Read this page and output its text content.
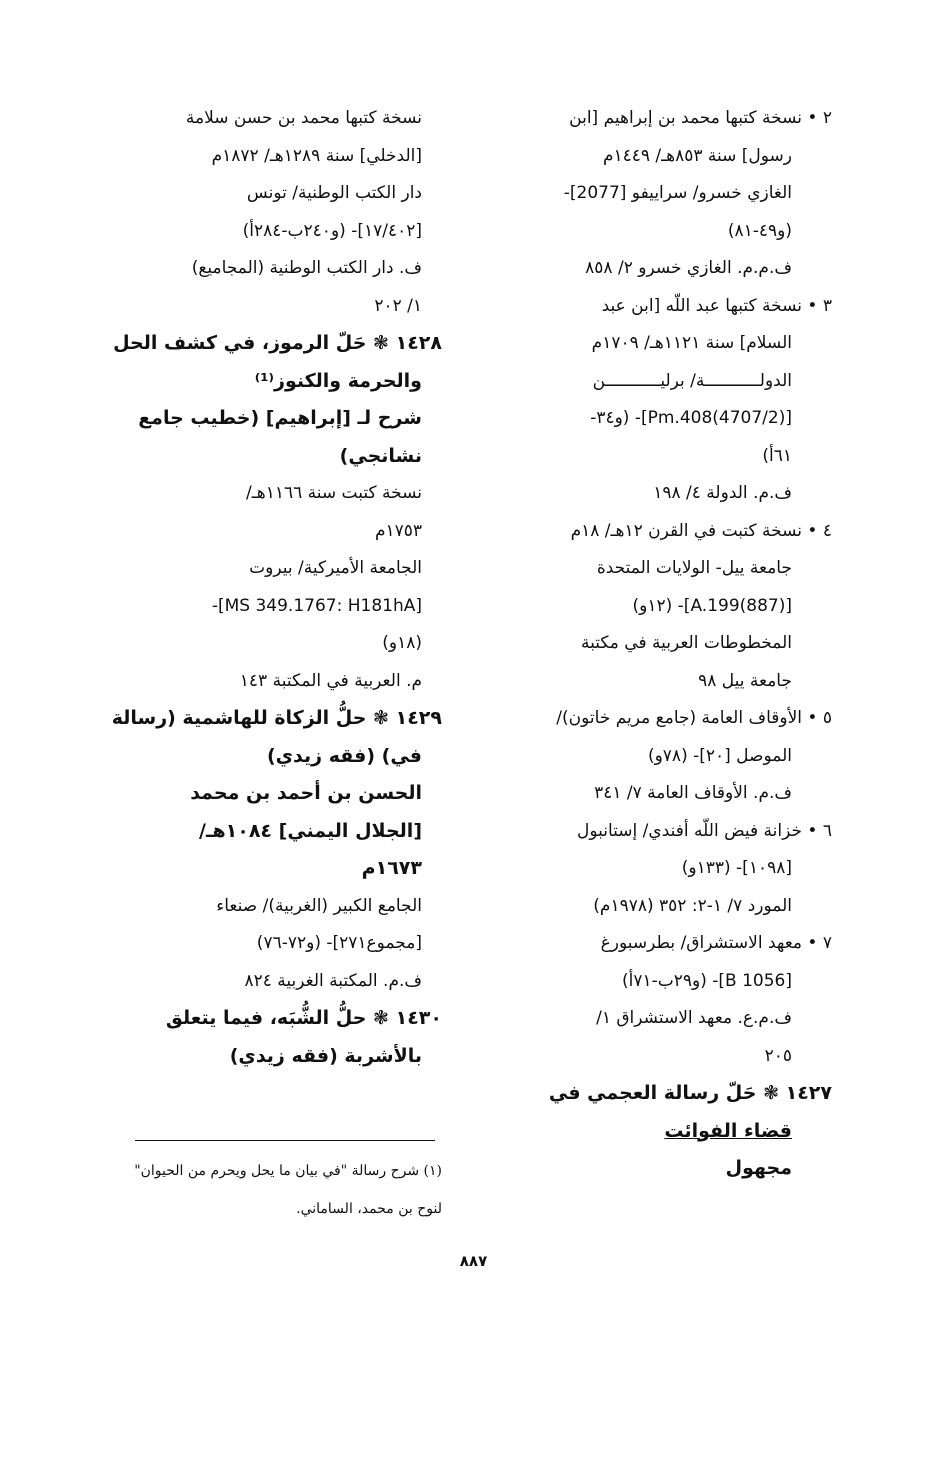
٢ • نسخة كتبها محمد بن إبراهيم [ابن
رسول] سنة ٨٥٣هـ/ ١٤٤٩م
الغازي خسرو/ سراييفو [2077]-
(و٤٩-٨١)
ف.م.م. الغازي خسرو ٢/ ٨٥٨
٣ • نسخة كتبها عبد اللّه [ابن عبد
السلام] سنة ١١٢١هـ/ ١٧٠٩م
الدولـــــــــــة/ برليـــــــــــن
[(4707/2)Pm.408]- (و٣٤-
٦١أ)
ف.م. الدولة ٤/ ١٩٨
٤ • نسخة كتبت في القرن ١٢هـ/ ١٨م
جامعة ييل- الولايات المتحدة
[(887)A.199]- (١٢و)
المخطوطات العربية في مكتبة
جامعة ييل ٩٨
٥ • الأوقاف العامة (جامع مريم خاتون)/
الموصل [٢٠]- (٧٨و)
ف.م. الأوقاف العامة ٧/ ٣٤١
٦ • خزانة فيض اللّه أفندي/ إستانبول
[١٠٩٨]- (١٣٣و)
المورد ٧/ ١-٢: ٣٥٢ (١٩٧٨م)
٧ • معهد الاستشراق/ بطرسبورغ
[B 1056]- (و٢٩ب-٧١أ)
ف.م.ع. معهد الاستشراق ١/
٢٠٥
١٤٢٧ ❃ حَلّ رسالة العجمي في
قضاء الفوائت
مجهول
نسخة كتبها محمد بن حسن سلامة
[الدخلي] سنة ١٢٨٩هـ/ ١٨٧٢م
دار الكتب الوطنية/ تونس
[١٧/٤٠٢]- (و٢٤٠ب-٢٨٤أ)
ف. دار الكتب الوطنية (المجاميع)
١/ ٢٠٢
١٤٢٨ ❃ حَلّ الرموز، في كشف الحل
والحرمة والكنوز⁽¹⁾
شرح لـ [إبراهيم] (خطيب جامع
نشانجي)
نسخة كتبت سنة ١١٦٦هـ/
١٧٥٣م
الجامعة الأميركية/ بيروت
[MS 349.1767: H181hA]-
(١٨و)
م. العربية في المكتبة ١٤٣
١٤٢٩ ❃ حلُّ الزكاة للهاشمية (رسالة
في) (فقه زيدي)
الحسن بن أحمد بن محمد
[الجلال اليمني] ١٠٨٤هـ/
١٦٧٣م
الجامع الكبير (الغربية)/ صنعاء
[مجموع٢٧١]- (و٧٢-٧٦)
ف.م. المكتبة الغربية ٨٢٤
١٤٣٠ ❃ حلُّ الشُّبَه، فيما يتعلق
بالأشربة (فقه زيدي)
(١) شرح رسالة "في بيان ما يحل ويحرم من الحيوان"
لنوح بن محمد، الساماني.
٨٨٧
